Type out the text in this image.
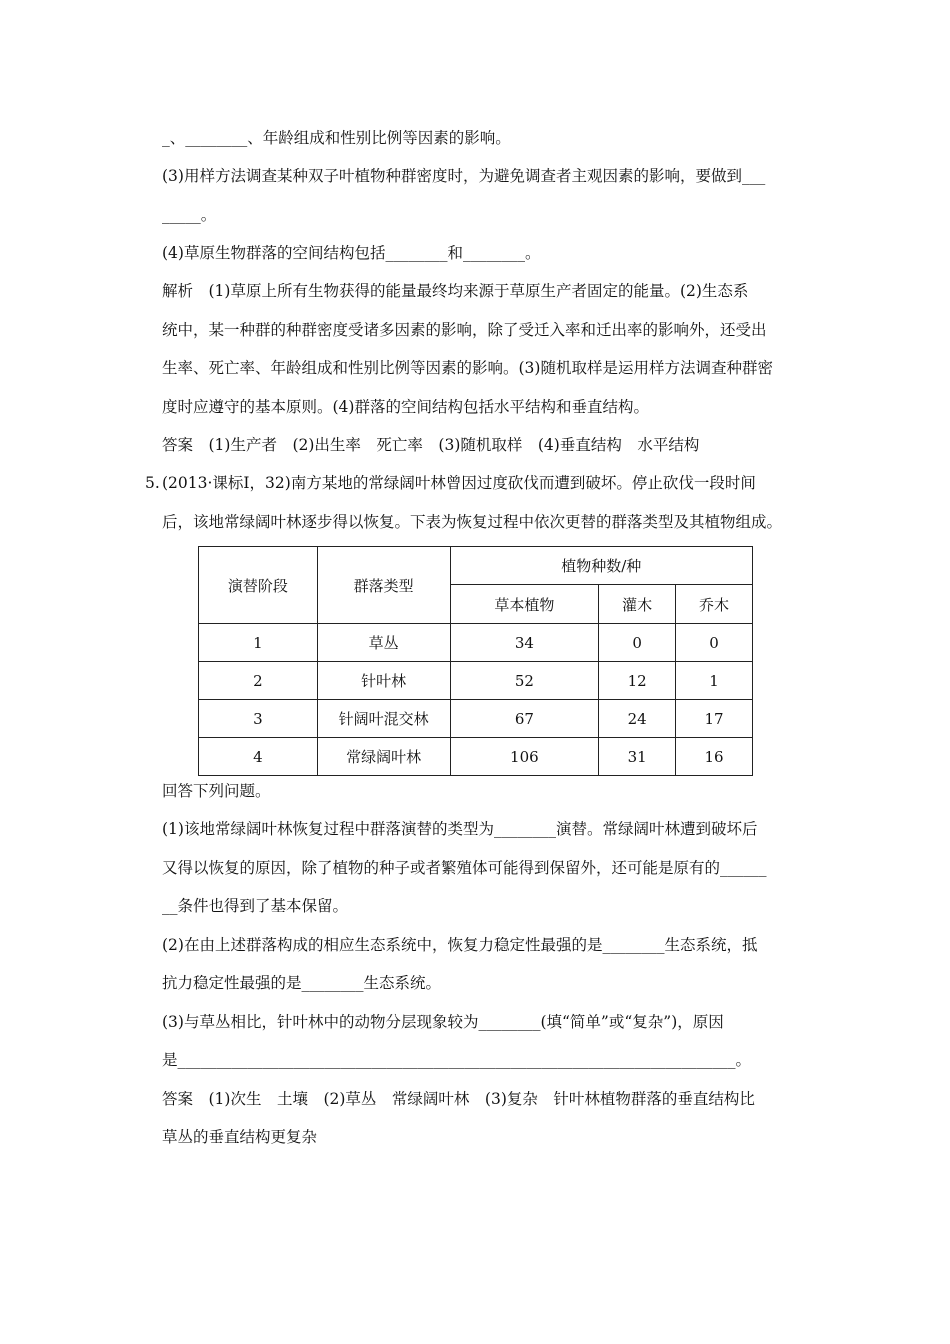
_、________、年龄组成和性别比例等因素的影响。
(3)用样方法调查某种双子叶植物种群密度时，为避免调查者主观因素的影响，要做到___
_____。
(4)草原生物群落的空间结构包括________和________。
解析　(1)草原上所有生物获得的能量最终均来源于草原生产者固定的能量。(2)生态系
统中，某一种群的种群密度受诸多因素的影响，除了受迁入率和迁出率的影响外，还受出
生率、死亡率、年龄组成和性别比例等因素的影响。(3)随机取样是运用样方法调查种群密
度时应遵守的基本原则。(4)群落的空间结构包括水平结构和垂直结构。
答案　(1)生产者　(2)出生率　死亡率　(3)随机取样　(4)垂直结构　水平结构
5. (2013·课标Ⅰ，32)南方某地的常绿阔叶林曾因过度砍伐而遭到破坏。停止砍伐一段时间
后，该地常绿阔叶林逐步得以恢复。下表为恢复过程中依次更替的群落类型及其植物组成。
演替阶段	群落类型	植物种数/种		
		草本植物	灌木	乔木
1	草丛	34	0	0
2	针叶林	52	12	1
3	针阔叶混交林	67	24	17
4	常绿阔叶林	106	31	16
回答下列问题。
(1)该地常绿阔叶林恢复过程中群落演替的类型为________演替。常绿阔叶林遭到破坏后
又得以恢复的原因，除了植物的种子或者繁殖体可能得到保留外，还可能是原有的______
__条件也得到了基本保留。
(2)在由上述群落构成的相应生态系统中，恢复力稳定性最强的是________生态系统，抵
抗力稳定性最强的是________生态系统。
(3)与草丛相比，针叶林中的动物分层现象较为________(填“简单”或“复杂”)，原因
是________________________________________________________________________。
答案　(1)次生　土壤　(2)草丛　常绿阔叶林　(3)复杂　针叶林植物群落的垂直结构比
草丛的垂直结构更复杂
